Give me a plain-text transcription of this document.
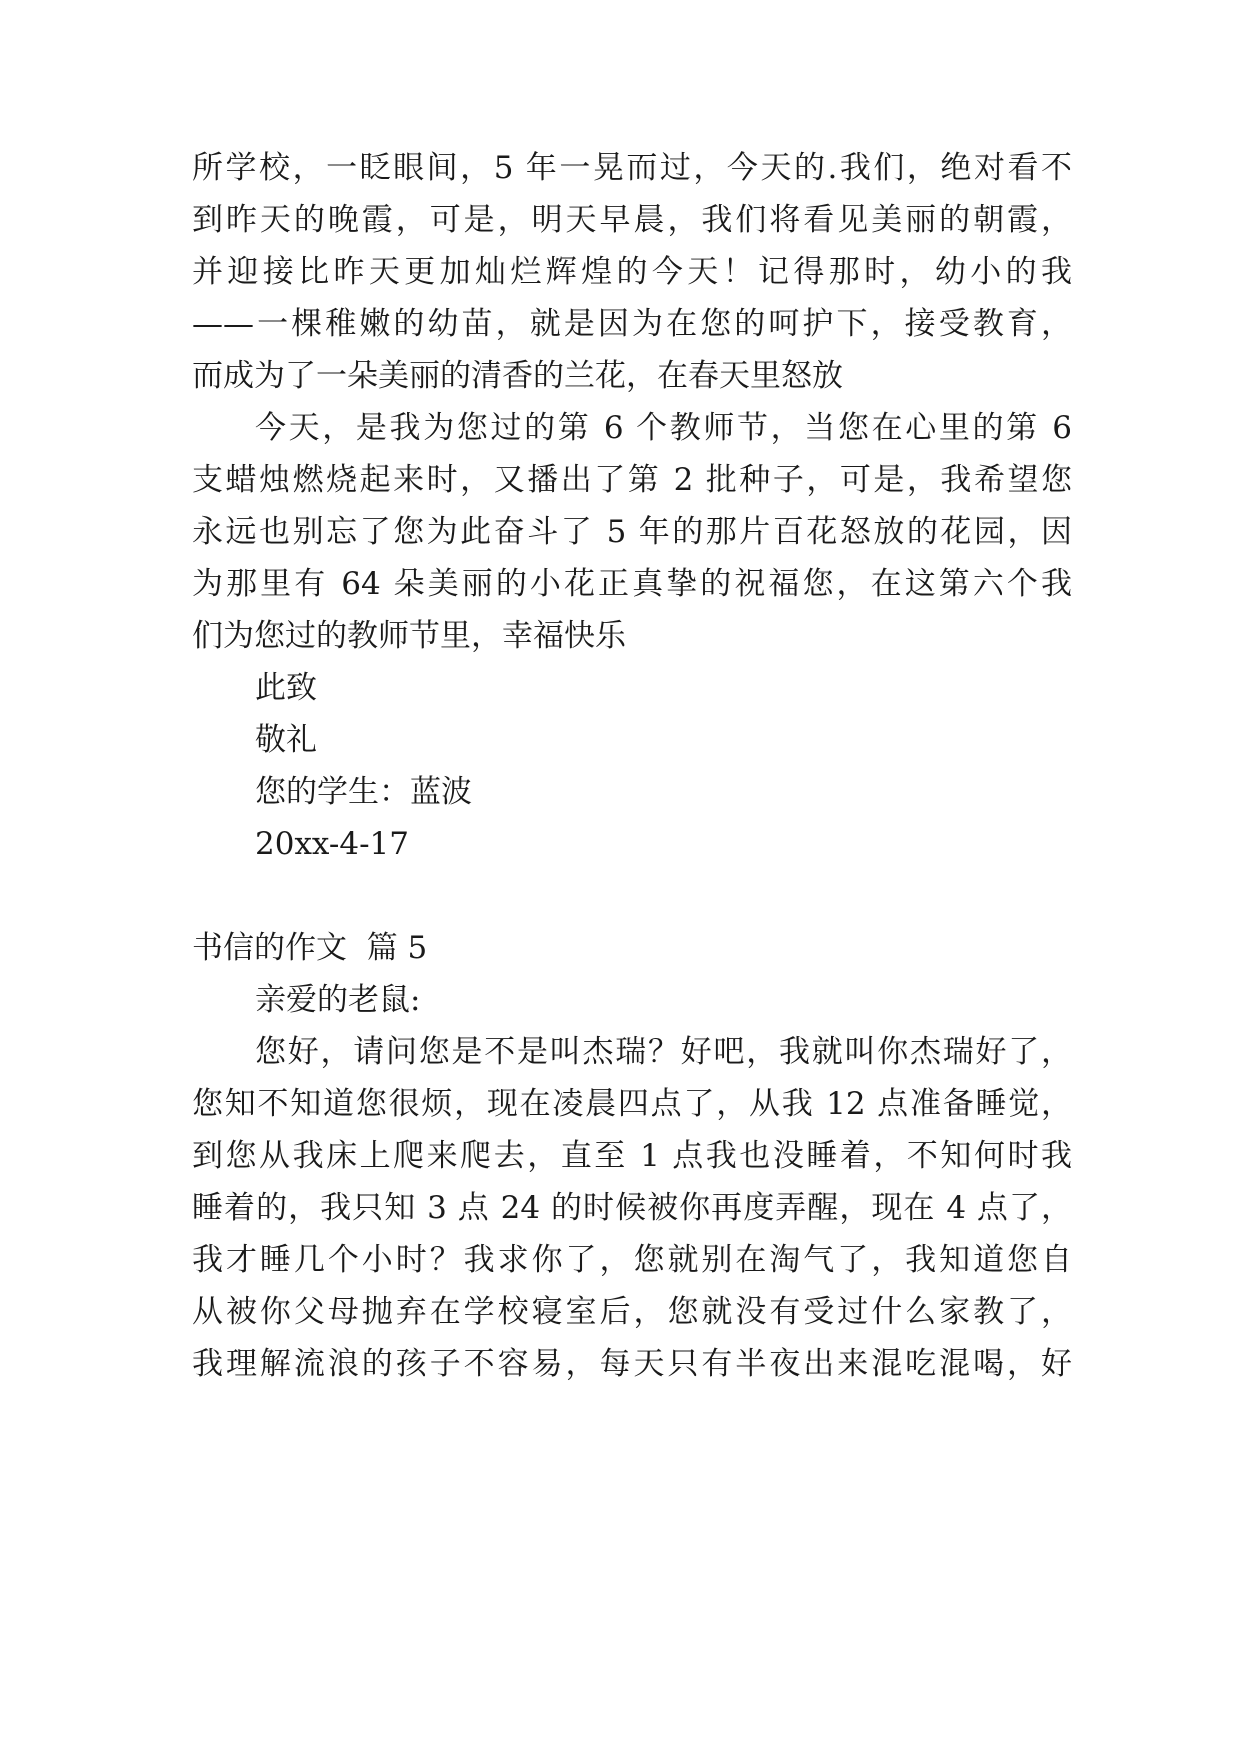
所学校，一眨眼间，5 年一晃而过，今天的.我们，绝对看不
到昨天的晚霞，可是，明天早晨，我们将看见美丽的朝霞，
并迎接比昨天更加灿烂辉煌的今天！记得那时，幼小的我
——一棵稚嫩的幼苗，就是因为在您的呵护下，接受教育，
而成为了一朵美丽的清香的兰花，在春天里怒放
今天，是我为您过的第 6 个教师节，当您在心里的第 6
支蜡烛燃烧起来时，又播出了第 2 批种子，可是，我希望您
永远也别忘了您为此奋斗了 5 年的那片百花怒放的花园，因
为那里有 64 朵美丽的小花正真挚的祝福您，在这第六个我
们为您过的教师节里，幸福快乐
此致
敬礼
您的学生：蓝波
20xx-4-17
书信的作文  篇 5
亲爱的老鼠:
您好，请问您是不是叫杰瑞？好吧，我就叫你杰瑞好了，
您知不知道您很烦，现在凌晨四点了，从我 12 点准备睡觉，
到您从我床上爬来爬去，直至 1 点我也没睡着，不知何时我
睡着的，我只知 3 点 24 的时候被你再度弄醒，现在 4 点了，
我才睡几个小时？我求你了，您就别在淘气了，我知道您自
从被你父母抛弃在学校寝室后，您就没有受过什么家教了，
我理解流浪的孩子不容易，每天只有半夜出来混吃混喝，好
